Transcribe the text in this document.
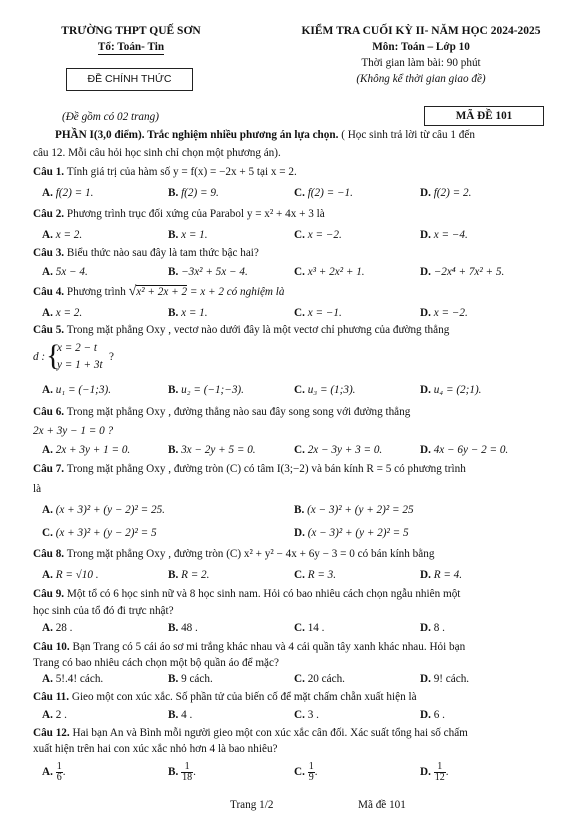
TRƯỜNG THPT QUẾ SƠN
Tổ: Toán- Tin
ĐỀ CHÍNH THỨC
KIỂM TRA CUỐI KỲ II- NĂM HỌC 2024-2025
Môn: Toán – Lớp 10
Thời gian làm bài: 90 phút
(Không kể thời gian giao đề)
(Đề gồm có 02 trang)	MÃ ĐỀ 101
PHẦN I(3,0 điểm). Trắc nghiệm nhiều phương án lựa chọn. ( Học sinh trả lời từ câu 1 đến
câu 12. Mỗi câu hỏi học sinh chỉ chọn một phương án).
Câu 1. Tính giá trị của hàm số y = f(x) = −2x + 5 tại x = 2.
A. f(2) = 1.	B. f(2) = 9.	C. f(2) = −1.	D. f(2) = 2.
Câu 2. Phương trình trục đối xứng của Parabol y = x² + 4x + 3 là
A. x = 2.	B. x = 1.	C. x = −2.	D. x = −4.
Câu 3. Biểu thức nào sau đây là tam thức bậc hai?
A. 5x − 4.	B. −3x² + 5x − 4.	C. x³ + 2x² + 1.	D. −2x⁴ + 7x² + 5.
Câu 4. Phương trình √x² + 2x + 2 = x + 2 có nghiệm là
A. x = 2.	B. x = 1.	C. x = −1.	D. x = −2.
Câu 5. Trong mặt phẳng Oxy , vectơ nào dưới đây là một vectơ chỉ phương của đường thẳng
d : {
x = 2 − t
y = 1 + 3t
?
A. u₁ = (−1;3).	B. u₂ = (−1;−3).	C. u₃ = (1;3).	D. u₄ = (2;1).
Câu 6. Trong mặt phẳng Oxy , đường thẳng nào sau đây song song với đường thẳng
2x + 3y − 1 = 0 ?
A. 2x + 3y + 1 = 0.	B. 3x − 2y + 5 = 0.	C. 2x − 3y + 3 = 0.	D. 4x − 6y − 2 = 0.
Câu 7. Trong mặt phẳng Oxy , đường tròn (C) có tâm I(3;−2) và bán kính R = 5 có phương trình
là
A. (x + 3)² + (y − 2)² = 25.	B. (x − 3)² + (y + 2)² = 25
C. (x + 3)² + (y − 2)² = 5	D. (x − 3)² + (y + 2)² = 5
Câu 8. Trong mặt phẳng Oxy , đường tròn (C) x² + y² − 4x + 6y − 3 = 0 có bán kính bằng
A. R = √10 .	B. R = 2.	C. R = 3.	D. R = 4.
Câu 9. Một tổ có 6 học sinh nữ và 8 học sinh nam. Hỏi có bao nhiêu cách chọn ngẫu nhiên một
học sinh của tổ đó đi trực nhật?
A. 28 .	B. 48 .	C. 14 .	D. 8 .
Câu 10. Bạn Trang có 5 cái áo sơ mi trắng khác nhau và 4 cái quần tây xanh khác nhau. Hỏi bạn
Trang có bao nhiêu cách chọn một bộ quần áo để mặc?
A. 5!.4! cách.	B. 9 cách.	C. 20 cách.	D. 9! cách.
Câu 11. Gieo một con xúc xắc. Số phần tử của biến cố để mặt chấm chẵn xuất hiện là
A. 2 .	B. 4 .	C. 3 .	D. 6 .
Câu 12. Hai bạn An và Bình mỗi người gieo một con xúc xắc cân đối. Xác suất tổng hai số chấm
xuất hiện trên hai con xúc xắc nhỏ hơn 4 là bao nhiêu?
A. $\frac{1}{6}$ .	B. $\frac{1}{18}$ .	C. $\frac{1}{9}$ .	D. $\frac{1}{12}$ .
Trang 1/2	Mã đề 101
